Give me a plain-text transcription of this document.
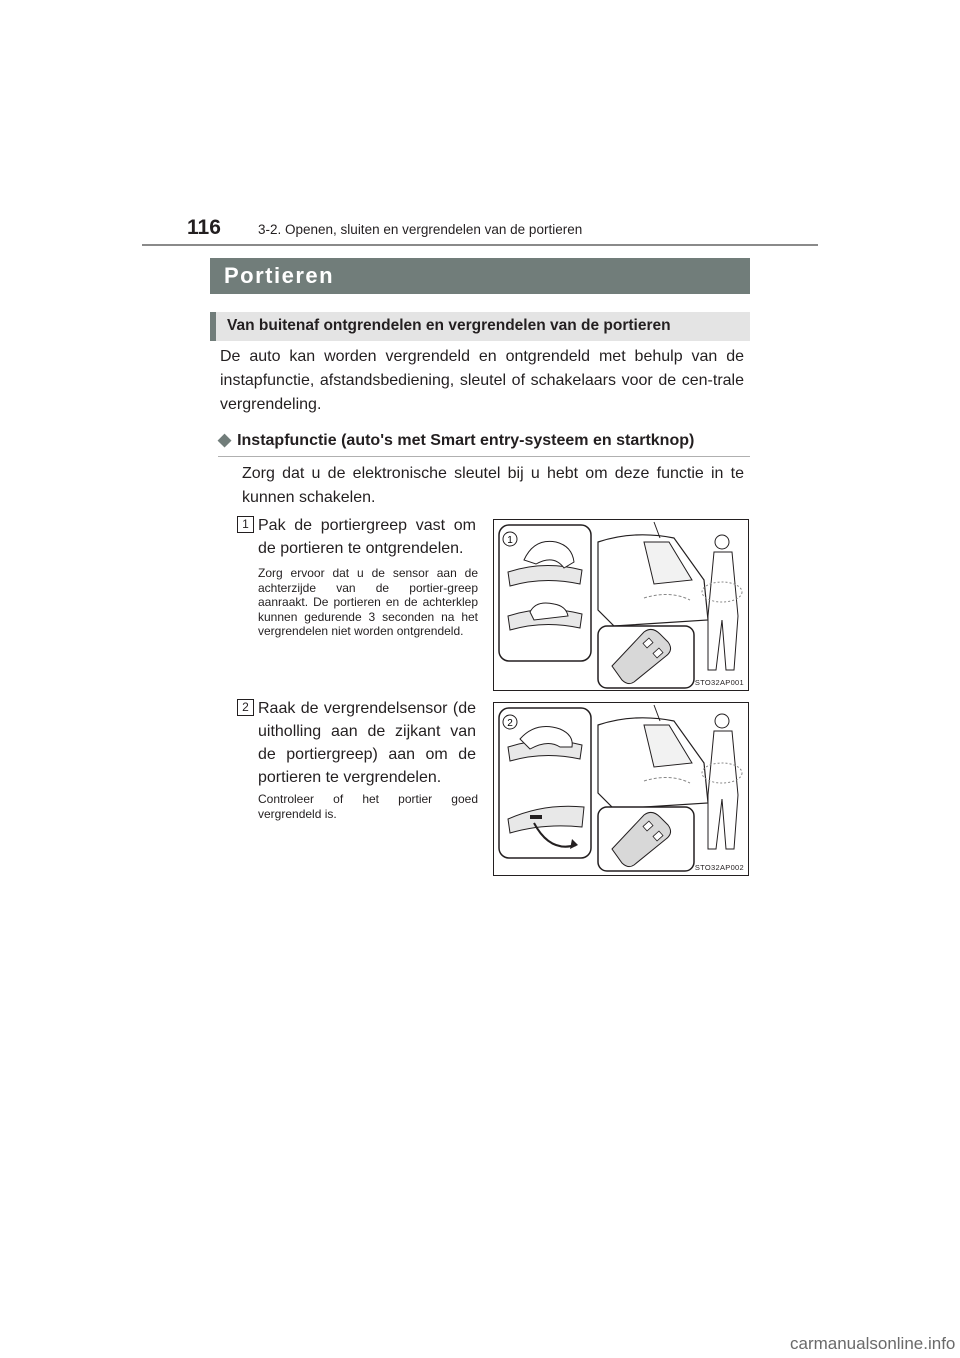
116	3-2. Openen, sluiten en vergrendelen van de portieren
Portieren
Van buitenaf ontgrendelen en vergrendelen van de portieren

De auto kan worden vergrendeld en ontgrendeld met behulp van de instapfunctie, afstandsbediening, sleutel of schakelaars voor de cen-trale vergrendeling.

◆ Instapfunctie (auto's met Smart entry-systeem en startknop)

Zorg dat u de elektronische sleutel bij u hebt om deze functie in te kunnen schakelen.

1 Pak de portiergreep vast om de portieren te ontgrendelen.

Zorg ervoor dat u de sensor aan de achterzijde van de portier-greep aanraakt. De portieren en de achterklep kunnen gedurende 3 seconden na het vergrendelen niet worden ontgrendeld.

1
STO32AP001
2 Raak de vergrendelsensor (de uitholling aan de zijkant van de portiergreep) aan om de portieren te vergrendelen.

Controleer of het portier goed vergrendeld is.

2
STO32AP002
carmanualsonline.info
